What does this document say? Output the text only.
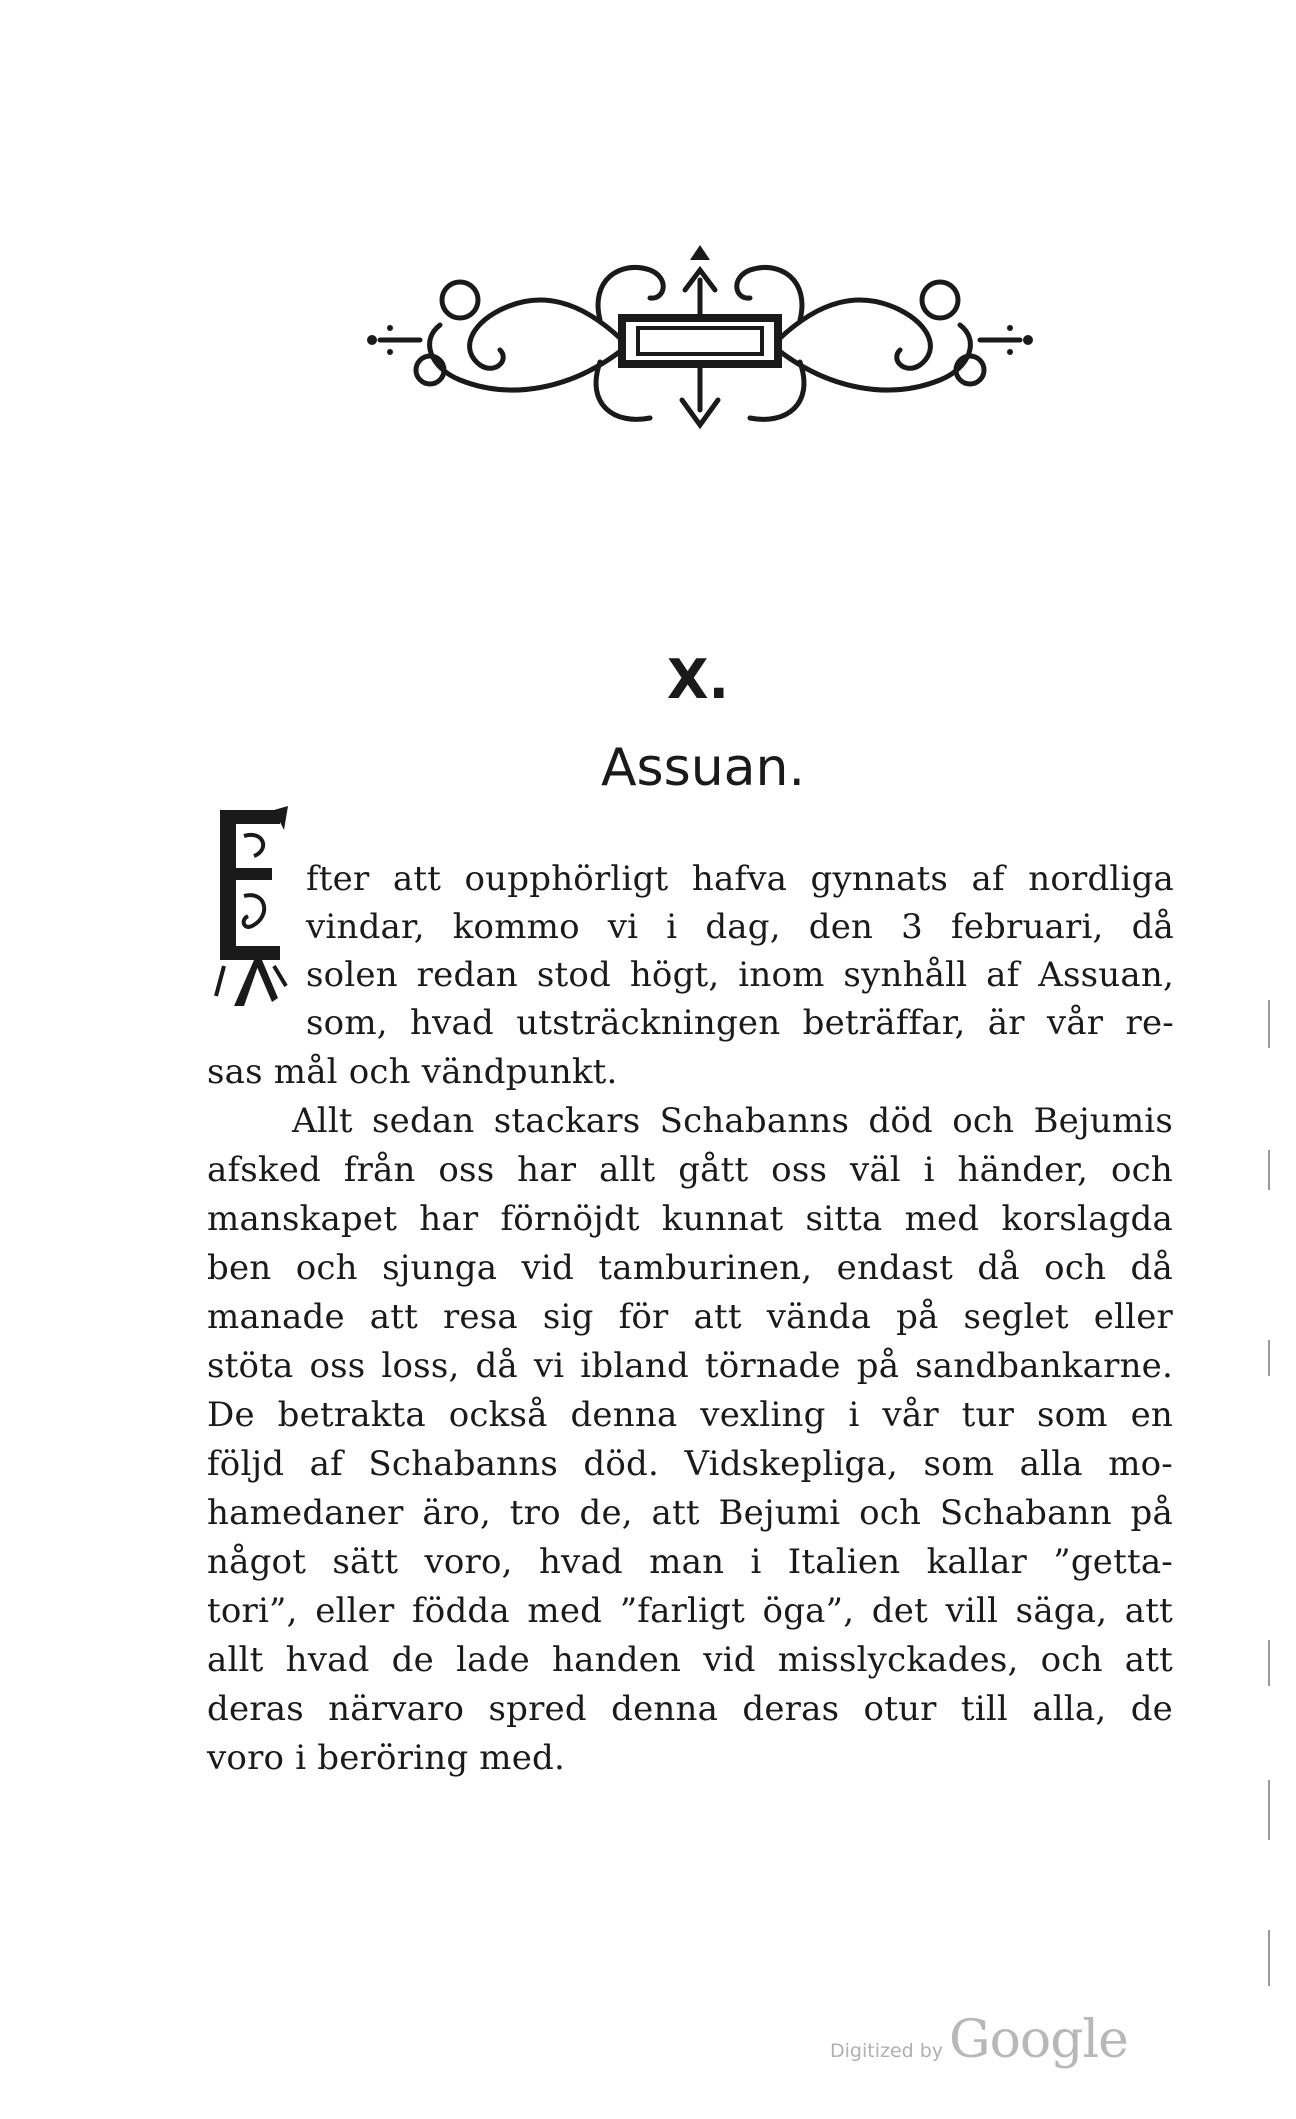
X.
Assuan.
fter att oupphörligt hafva gynnats af nordliga
vindar, kommo vi i dag, den 3 februari, då
solen redan stod högt, inom synhåll af Assuan,
som, hvad utsträckningen beträffar, är vår re-
sas mål och vändpunkt.
Allt sedan stackars Schabanns död och Bejumis
afsked från oss har allt gått oss väl i händer, och
manskapet har förnöjdt kunnat sitta med korslagda
ben och sjunga vid tamburinen, endast då och då
manade att resa sig för att vända på seglet eller
stöta oss loss, då vi ibland törnade på sandbankarne.
De betrakta också denna vexling i vår tur som en
följd af Schabanns död. Vidskepliga, som alla mo-
hamedaner äro, tro de, att Bejumi och Schabann på
något sätt voro, hvad man i Italien kallar ”getta-
tori”, eller födda med ”farligt öga”, det vill säga, att
allt hvad de lade handen vid misslyckades, och att
deras närvaro spred denna deras otur till alla, de
voro i beröring med.
Digitized by Google
